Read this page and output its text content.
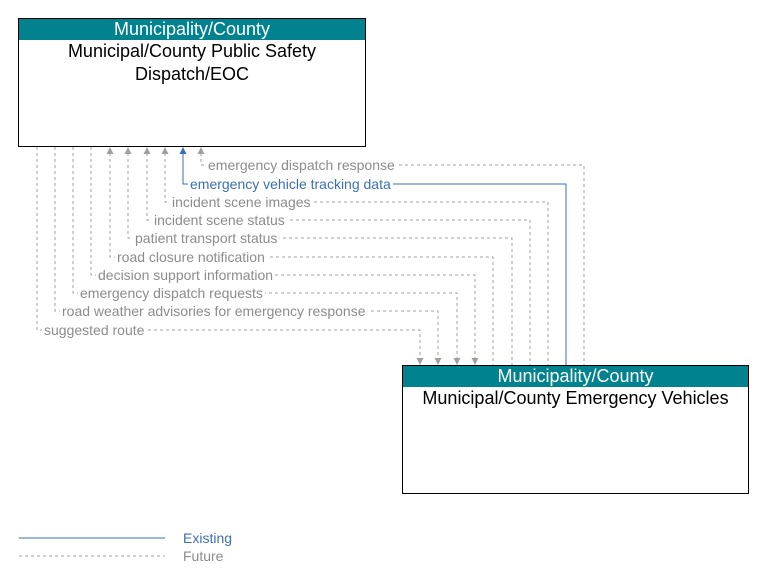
Municipality/County
Municipal/County Public Safety Dispatch/EOC
Municipality/County
Municipal/County Emergency Vehicles
emergency dispatch response
emergency vehicle tracking data
incident scene images
incident scene status
patient transport status
road closure notification
decision support information
emergency dispatch requests
road weather advisories for emergency response
suggested route
Existing
Future
